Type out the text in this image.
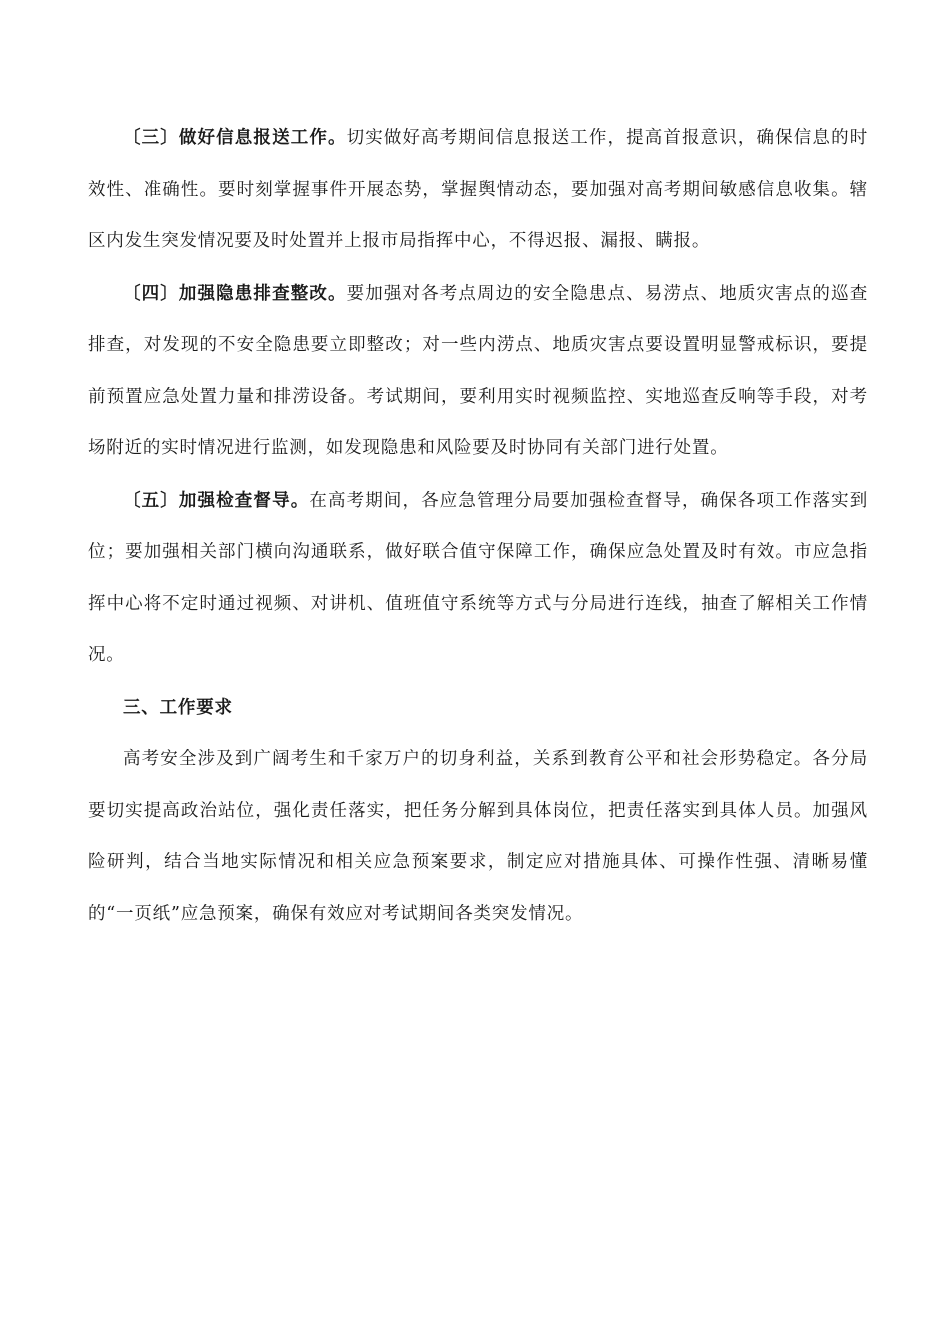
〔三〕做好信息报送工作。切实做好高考期间信息报送工作，提高首报意识，确保信息的时效性、准确性。要时刻掌握事件开展态势，掌握舆情动态，要加强对高考期间敏感信息收集。辖区内发生突发情况要及时处置并上报市局指挥中心，不得迟报、漏报、瞒报。

〔四〕加强隐患排查整改。要加强对各考点周边的安全隐患点、易涝点、地质灾害点的巡查排查，对发现的不安全隐患要立即整改；对一些内涝点、地质灾害点要设置明显警戒标识，要提前预置应急处置力量和排涝设备。考试期间，要利用实时视频监控、实地巡查反响等手段，对考场附近的实时情况进行监测，如发现隐患和风险要及时协同有关部门进行处置。

〔五〕加强检查督导。在高考期间，各应急管理分局要加强检查督导，确保各项工作落实到位；要加强相关部门横向沟通联系，做好联合值守保障工作，确保应急处置及时有效。市应急指挥中心将不定时通过视频、对讲机、值班值守系统等方式与分局进行连线，抽查了解相关工作情况。

三、工作要求

高考安全涉及到广阔考生和千家万户的切身利益，关系到教育公平和社会形势稳定。各分局要切实提高政治站位，强化责任落实，把任务分解到具体岗位，把责任落实到具体人员。加强风险研判，结合当地实际情况和相关应急预案要求，制定应对措施具体、可操作性强、清晰易懂的“一页纸”应急预案，确保有效应对考试期间各类突发情况。
